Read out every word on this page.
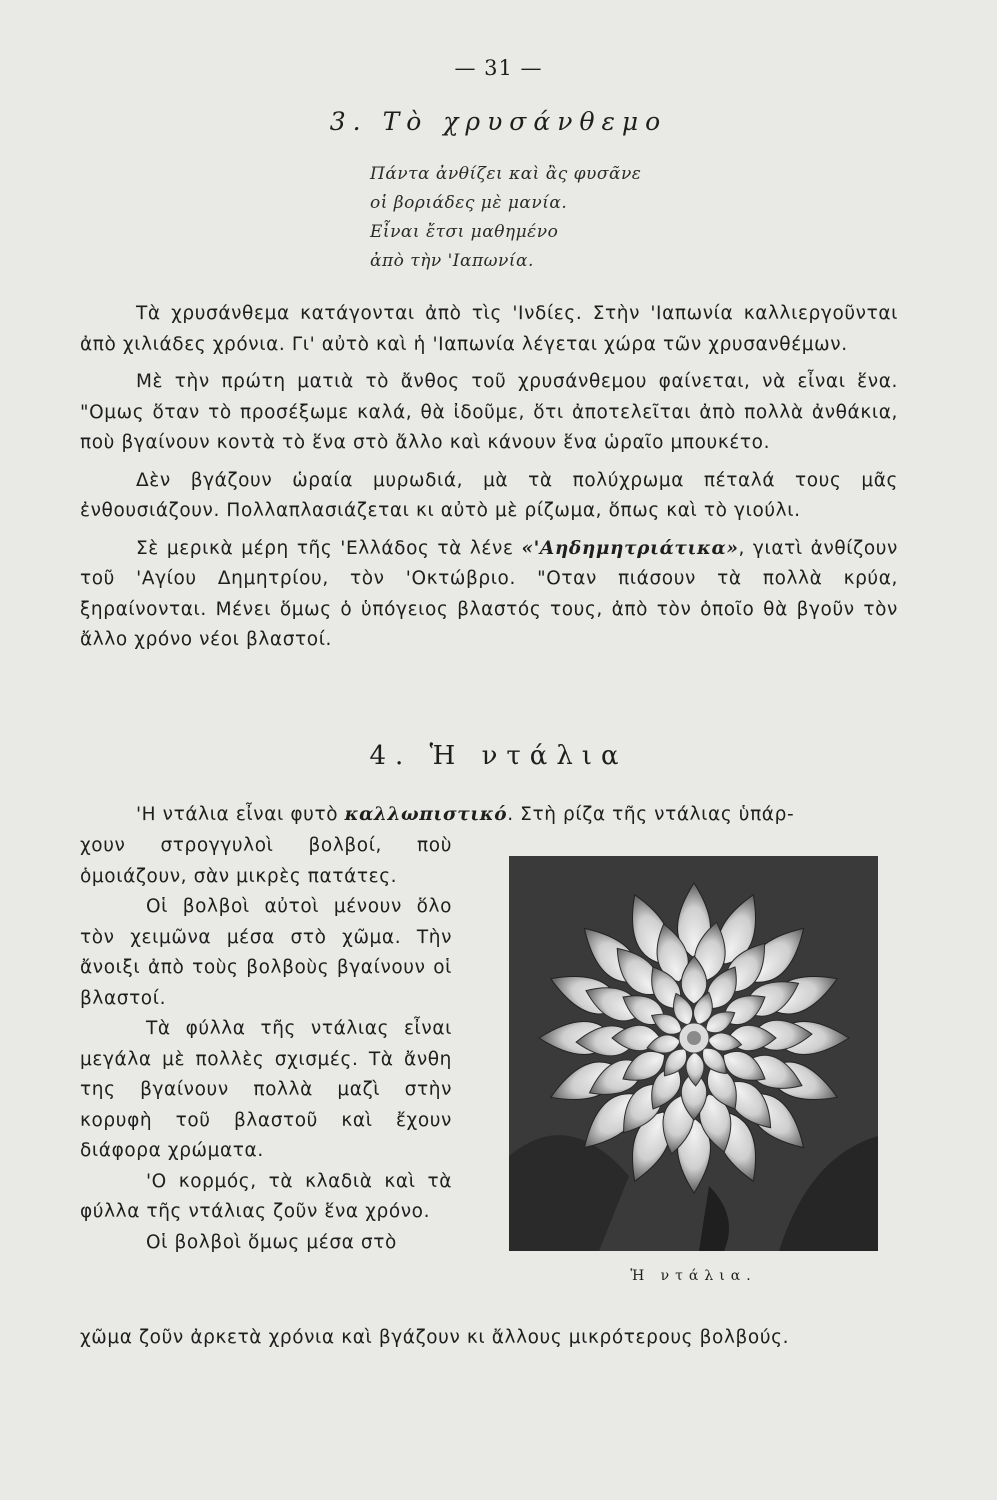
— 31 —
3. Τὸ χρυσάνθεμο
Πάντα ἀνθίζει καὶ ἂς φυσᾶνε
οἱ βοριάδες μὲ μανία.
Εἶναι ἔτσι μαθημένο
ἀπὸ τὴν 'Ιαπωνία.

Τὰ χρυσάνθεμα κατάγονται ἀπὸ τὶς 'Ινδίες. Στὴν 'Ιαπωνία καλλιεργοῦνται ἀπὸ χιλιάδες χρόνια. Γι' αὐτὸ καὶ ἡ 'Ιαπωνία λέγεται χώρα τῶν χρυσανθέμων.

Μὲ τὴν πρώτη ματιὰ τὸ ἄνθος τοῦ χρυσάνθεμου φαίνεται, νὰ εἶναι ἕνα. "Ομως ὅταν τὸ προσέξωμε καλά, θὰ ἰδοῦμε, ὅτι ἀποτελεῖται ἀπὸ πολλὰ ἀνθάκια, ποὺ βγαίνουν κοντὰ τὸ ἕνα στὸ ἄλλο καὶ κάνουν ἕνα ὡραῖο μπουκέτο.

Δὲν βγάζουν ὡραία μυρωδιά, μὰ τὰ πολύχρωμα πέταλά τους μᾶς ἐνθουσιάζουν. Πολλαπλασιάζεται κι αὐτὸ μὲ ρίζωμα, ὅπως καὶ τὸ γιούλι.

Σὲ μερικὰ μέρη τῆς 'Ελλάδος τὰ λένε «'Αηδημητριάτικα», γιατὶ ἀνθίζουν τοῦ 'Αγίου Δημητρίου, τὸν 'Οκτώβριο. "Οταν πιάσουν τὰ πολλὰ κρύα, ξηραίνονται. Μένει ὅμως ὁ ὑπόγειος βλαστός τους, ἀπὸ τὸν ὁποῖο θὰ βγοῦν τὸν ἄλλο χρόνο νέοι βλαστοί.

4. Ἡ ντάλια
'Η ντάλια εἶναι φυτὸ καλλωπιστικό. Στὴ ρίζα τῆς ντάλιας ὑπάρ-

χουν στρογγυλοὶ βολβοί, ποὺ ὁμοιάζουν, σὰν μικρὲς πατάτες.

Οἱ βολβοὶ αὐτοὶ μένουν ὅλο τὸν χειμῶνα μέσα στὸ χῶμα. Τὴν ἄνοιξι ἀπὸ τοὺς βολβοὺς βγαίνουν οἱ βλαστοί.

Τὰ φύλλα τῆς ντάλιας εἶναι μεγάλα μὲ πολλὲς σχισμές. Τὰ ἄνθη της βγαίνουν πολλὰ μαζὶ στὴν κορυφὴ τοῦ βλαστοῦ καὶ ἔχουν διάφορα χρώματα.

'Ο κορμός, τὰ κλαδιὰ καὶ τὰ φύλλα τῆς ντάλιας ζοῦν ἕνα χρόνο.

Οἱ βολβοὶ ὅμως μέσα στὸ

χῶμα ζοῦν ἀρκετὰ χρόνια καὶ βγάζουν κι ἄλλους μικρότερους βολβούς.
Ἡ ντάλια.
